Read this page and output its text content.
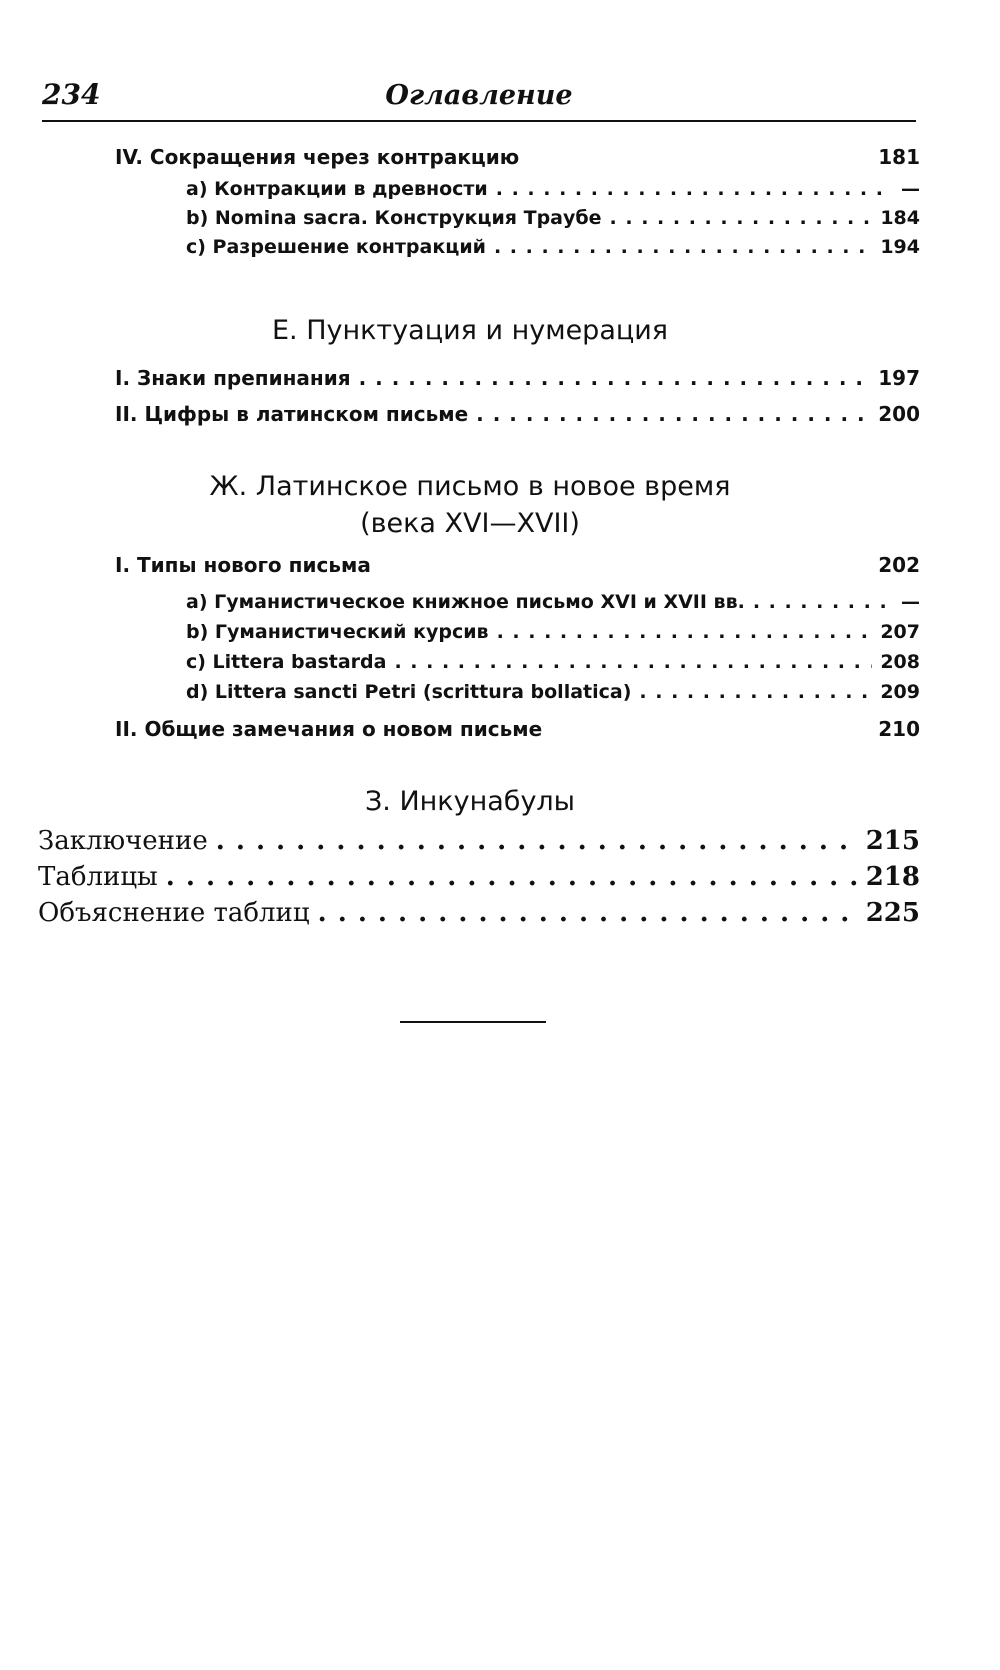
234	Оглавление
IV. Сокращения через контракцию	181
a) Контракции в древности . . .	—
b) Nomina sacra. Конструкция Траубе . . .	184
c) Разрешение контракций . . .	194
Е. Пунктуация и нумерация
I. Знаки препинания . . .	197
II. Цифры в латинском письме . . .	200
Ж. Латинское письмо в новое время
(века XVI—XVII)
I. Типы нового письма	202
a) Гуманистическое книжное письмо XVI и XVII вв. . . .	—
b) Гуманистический курсив . . .	207
c) Littera bastarda . . .	208
d) Littera sancti Petri (scrittura bollatica) . . .	209
II. Общие замечания о новом письме	210
З. Инкунабулы
Заключение . . .	215
Таблицы . . .	218
Объяснение таблиц . . .	225
